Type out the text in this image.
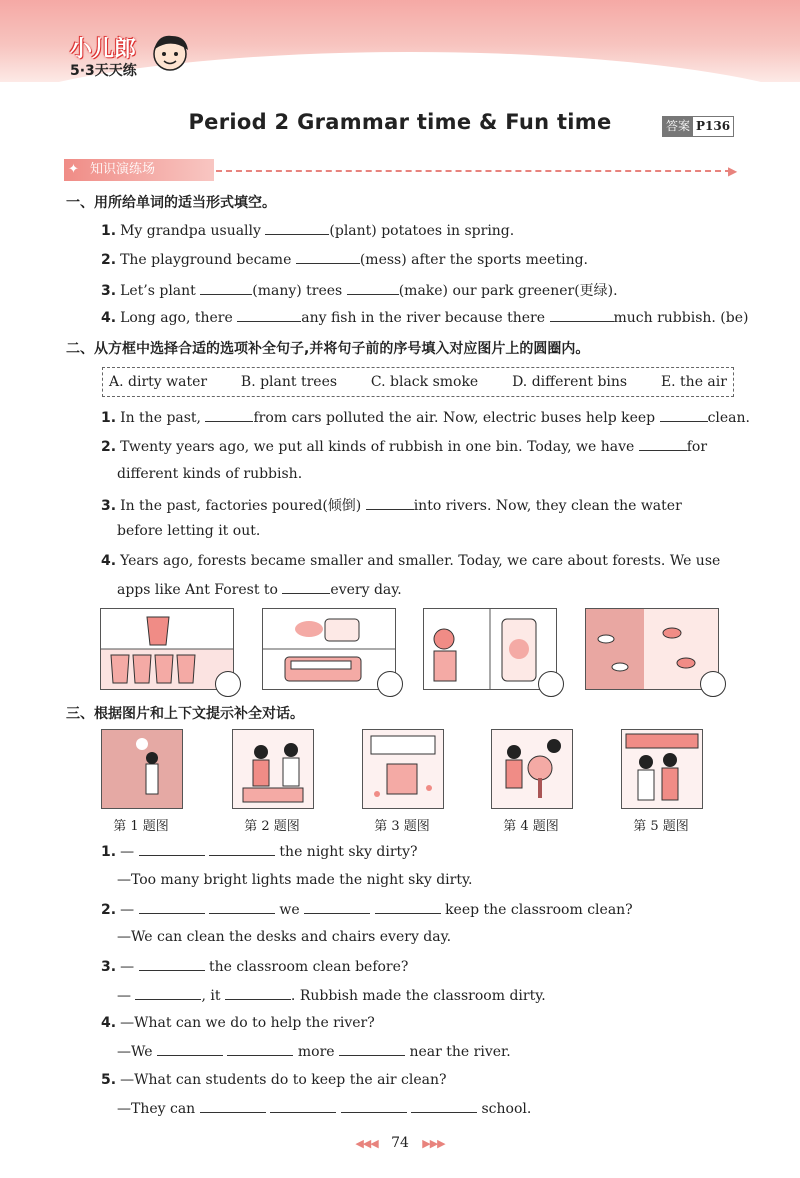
小儿郎
5·3天天练
Period 2 Grammar time & Fun time	答案 P136
✦ 知识演练场	▶
一、用所给单词的适当形式填空。
1. My grandpa usually	(plant) potatoes in spring.
2. The playground became	(mess) after the sports meeting.
3. Let’s plant	(many) trees	(make) our park greener(更绿).
4. Long ago, there	any fish in the river because there	much rubbish. (be)
二、从方框中选择合适的选项补全句子,并将句子前的序号填入对应图片上的圆圈内。
A. dirty water B. plant trees C. black smoke D. different bins E. the air
1. In the past,	from cars polluted the air. Now, electric buses help keep	clean.
2. Twenty years ago, we put all kinds of rubbish in one bin. Today, we have	for
different kinds of rubbish.
3. In the past, factories poured(倾倒)	into rivers. Now, they clean the water
before letting it out.
4. Years ago, forests became smaller and smaller. Today, we care about forests. We use
apps like Ant Forest to	every day.
三、根据图片和上下文提示补全对话。
第 1 题图	第 2 题图	第 3 题图	第 4 题图	第 5 题图
1. —	the night sky dirty?
—Too many bright lights made the night sky dirty.
2. —	we	keep the classroom clean?
—We can clean the desks and chairs every day.
3. —	the classroom clean before?
—	, it	. Rubbish made the classroom dirty.
4. —What can we do to help the river?
—We	more	near the river.
5. —What can students do to keep the air clean?
—They can	school.
◀◀◀ 74 ▶▶▶
